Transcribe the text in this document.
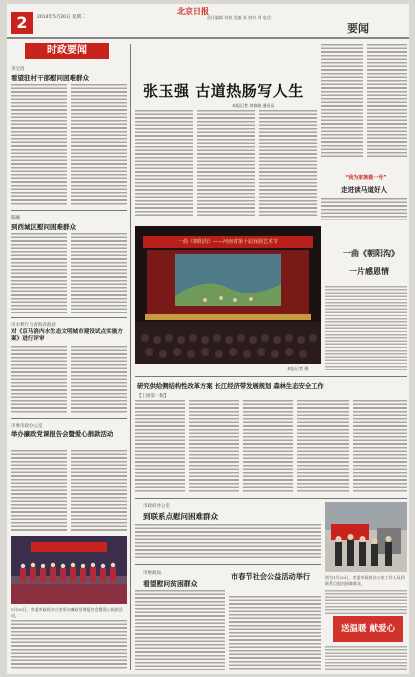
2	2014年5月20日 星期二
北京日报
责任编辑 刘春 美编 张 校对 刘 电话：
要闻
时政要闻
李宝清
看望驻村干部慰问困难群众
陈曦
到西城区慰问困难群众
市水利厅与青海省政府
对《京马洛内水生态文明城市建设试点实施方案》进行评审
市委市政办公室
举办廉政党课报告会暨爱心捐款活动
5月20日，市委市政府办公室举办廉政党课报告会暨爱心捐款活动。
张玉强 古道热肠写人生
本报记者 刘春晓 通讯员
“我为家族做一号”
走进读马道好人
一曲《朝阳沟》——河南省第十届戏剧艺术节
本报记者 摄
一曲《朝阳沟》
一片感恩情
研究供给侧结构性改革方案 长江经济带发展规划 森林生态安全工作
【上接第一版】
市政府办公室
到联系点慰问困难群众
市财政局
看望慰问贫困群众
市春节社会公益活动举行	图为1月20日，市委市政府办公室工作人员到联系点慰问困难群众。
送温暖 献爱心
